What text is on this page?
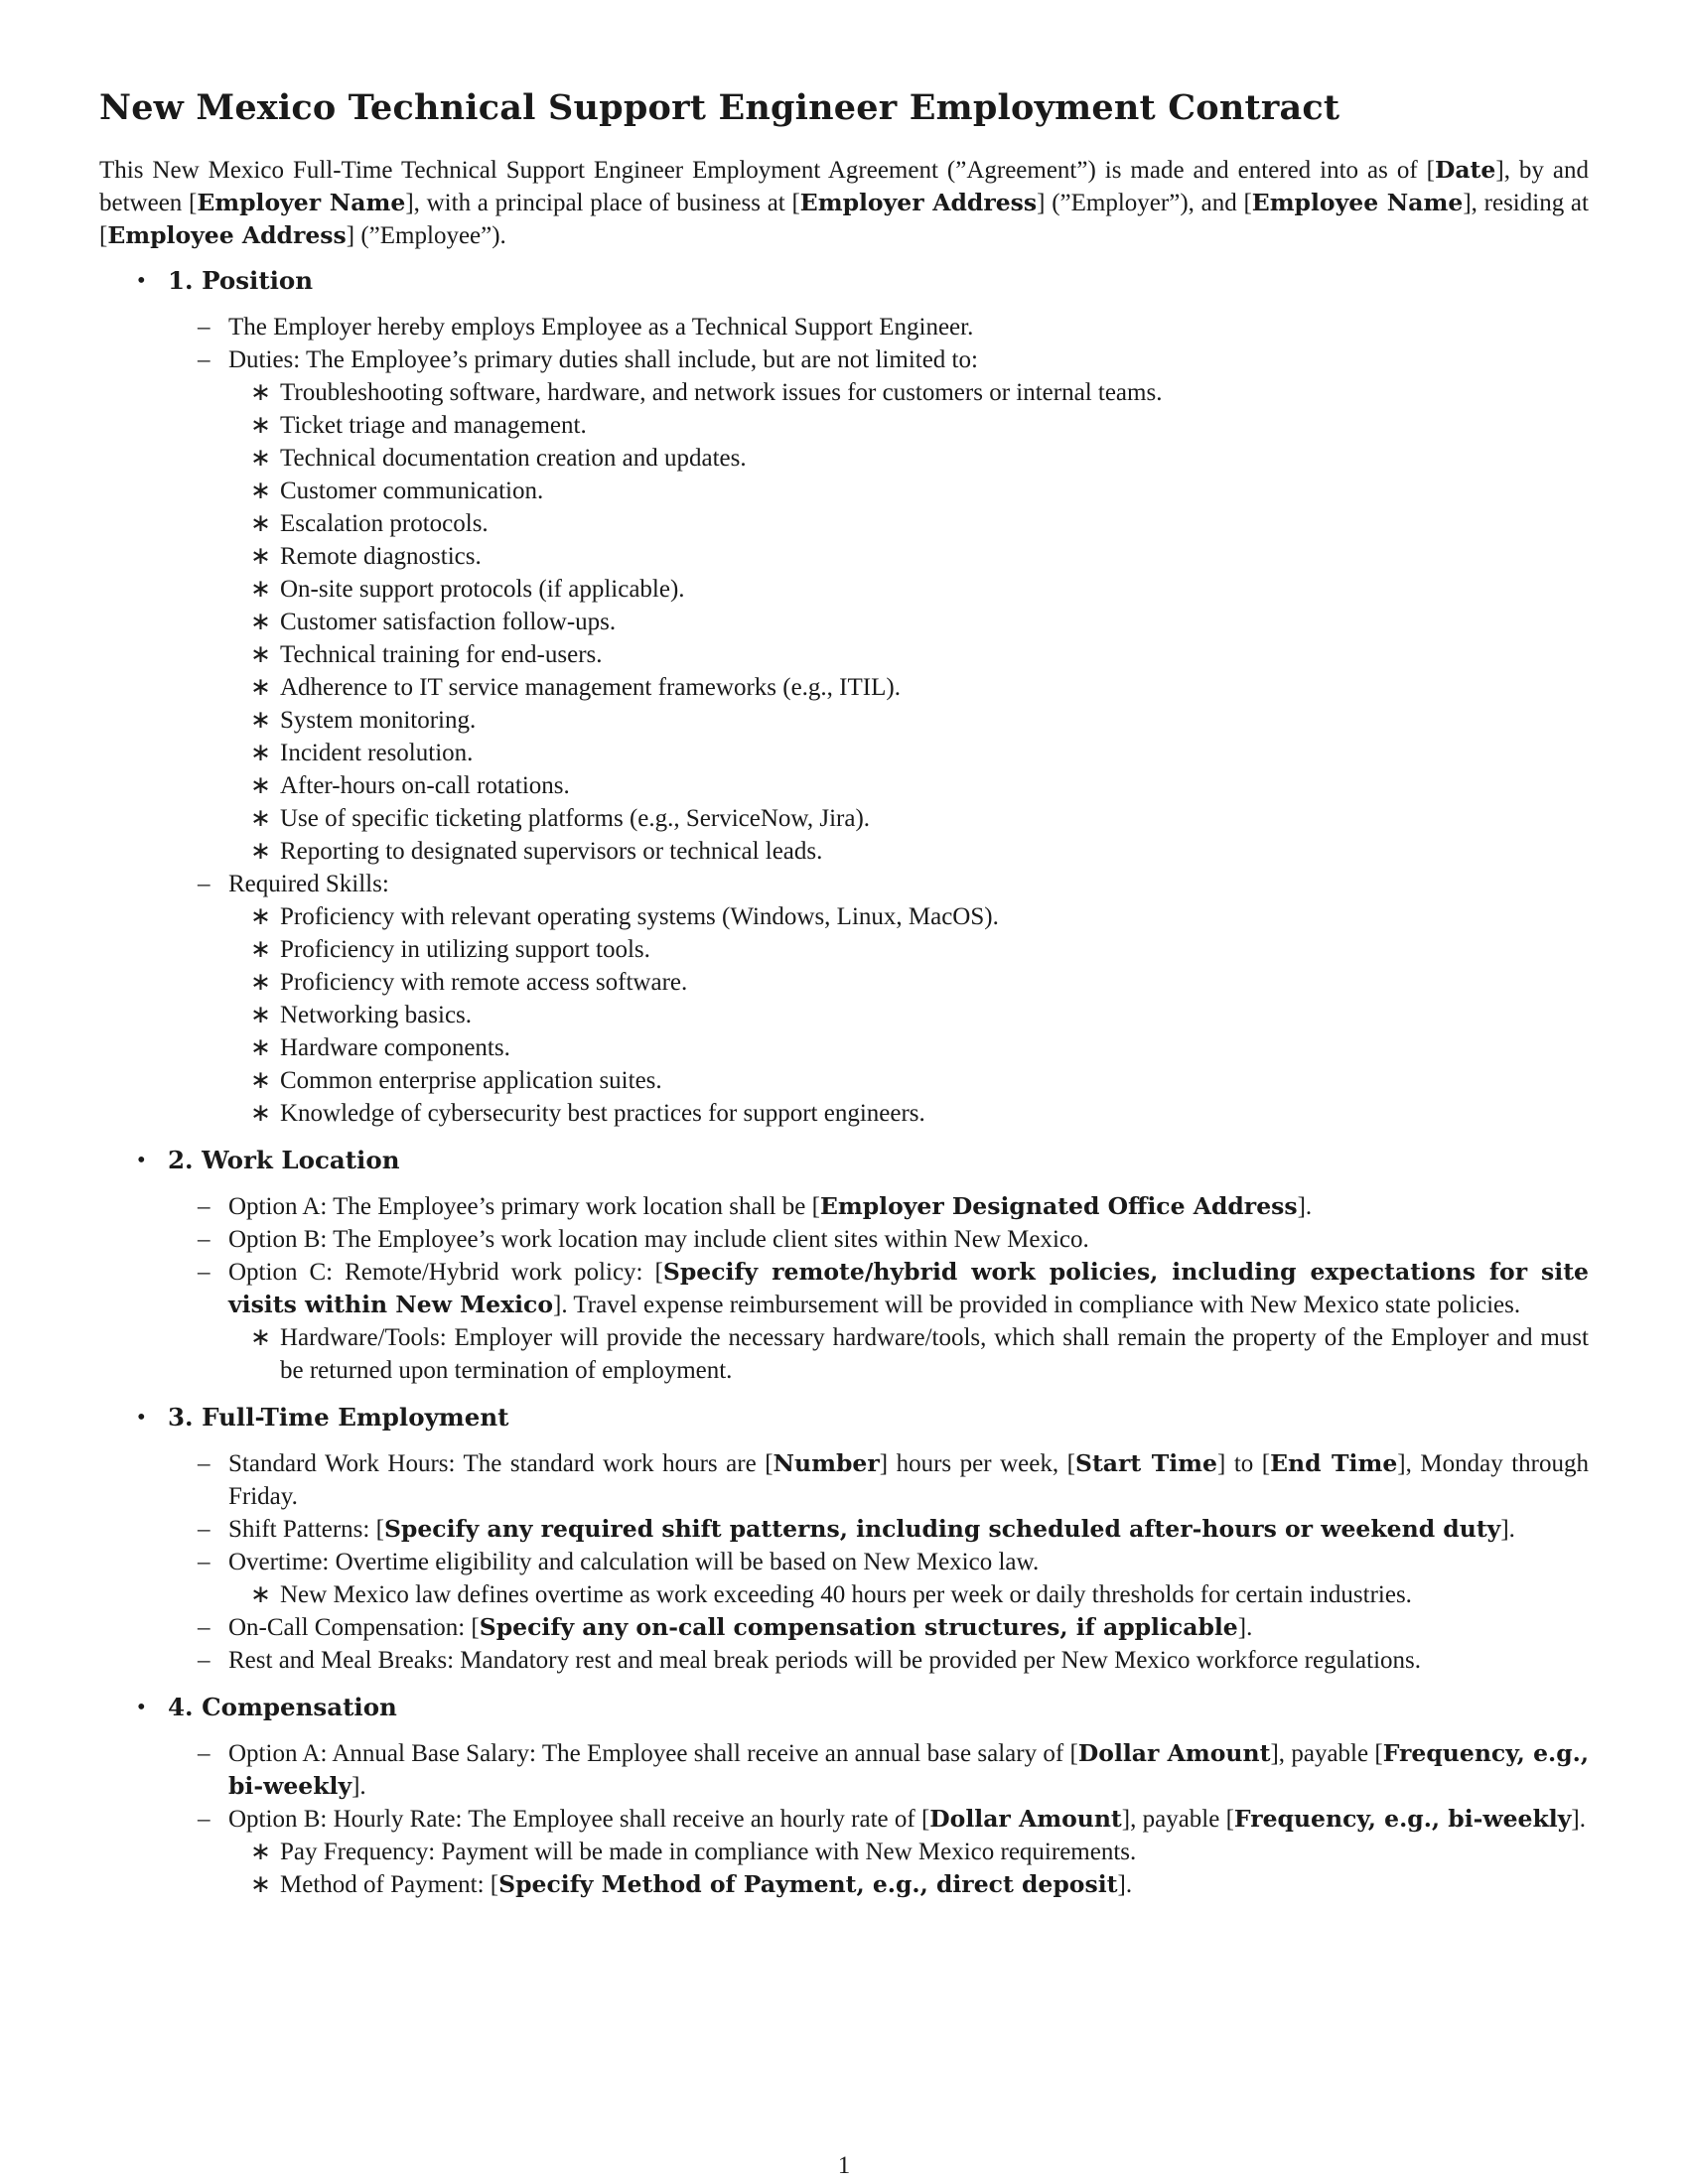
New Mexico Technical Support Engineer Employment Contract

This New Mexico Full-Time Technical Support Engineer Employment Agreement (”Agreement”) is made and entered into as of [Date], by and between [Employer Name], with a principal place of business at [Employer Address] (”Employer”), and [Employee Name], residing at [Employee Address] (”Employee”).

• 1. Position
– The Employer hereby employs Employee as a Technical Support Engineer.
– Duties: The Employee’s primary duties shall include, but are not limited to:
∗ Troubleshooting software, hardware, and network issues for customers or internal teams.
∗ Ticket triage and management.
∗ Technical documentation creation and updates.
∗ Customer communication.
∗ Escalation protocols.
∗ Remote diagnostics.
∗ On-site support protocols (if applicable).
∗ Customer satisfaction follow-ups.
∗ Technical training for end-users.
∗ Adherence to IT service management frameworks (e.g., ITIL).
∗ System monitoring.
∗ Incident resolution.
∗ After-hours on-call rotations.
∗ Use of specific ticketing platforms (e.g., ServiceNow, Jira).
∗ Reporting to designated supervisors or technical leads.
– Required Skills:
∗ Proficiency with relevant operating systems (Windows, Linux, MacOS).
∗ Proficiency in utilizing support tools.
∗ Proficiency with remote access software.
∗ Networking basics.
∗ Hardware components.
∗ Common enterprise application suites.
∗ Knowledge of cybersecurity best practices for support engineers.
• 2. Work Location
– Option A: The Employee’s primary work location shall be [Employer Designated Office Address].
– Option B: The Employee’s work location may include client sites within New Mexico.
– Option C: Remote/Hybrid work policy: [Specify remote/hybrid work policies, including expectations for site visits within New Mexico]. Travel expense reimbursement will be provided in compliance with New Mexico state policies.
∗ Hardware/Tools: Employer will provide the necessary hardware/tools, which shall remain the property of the Employer and must be returned upon termination of employment.
• 3. Full-Time Employment
– Standard Work Hours: The standard work hours are [Number] hours per week, [Start Time] to [End Time], Monday through Friday.
– Shift Patterns: [Specify any required shift patterns, including scheduled after-hours or weekend duty].
– Overtime: Overtime eligibility and calculation will be based on New Mexico law.
∗ New Mexico law defines overtime as work exceeding 40 hours per week or daily thresholds for certain industries.
– On-Call Compensation: [Specify any on-call compensation structures, if applicable].
– Rest and Meal Breaks: Mandatory rest and meal break periods will be provided per New Mexico workforce regulations.
• 4. Compensation
– Option A: Annual Base Salary: The Employee shall receive an annual base salary of [Dollar Amount], payable [Frequency, e.g., bi-weekly].
– Option B: Hourly Rate: The Employee shall receive an hourly rate of [Dollar Amount], payable [Frequency, e.g., bi-weekly].
∗ Pay Frequency: Payment will be made in compliance with New Mexico requirements.
∗ Method of Payment: [Specify Method of Payment, e.g., direct deposit].
1
